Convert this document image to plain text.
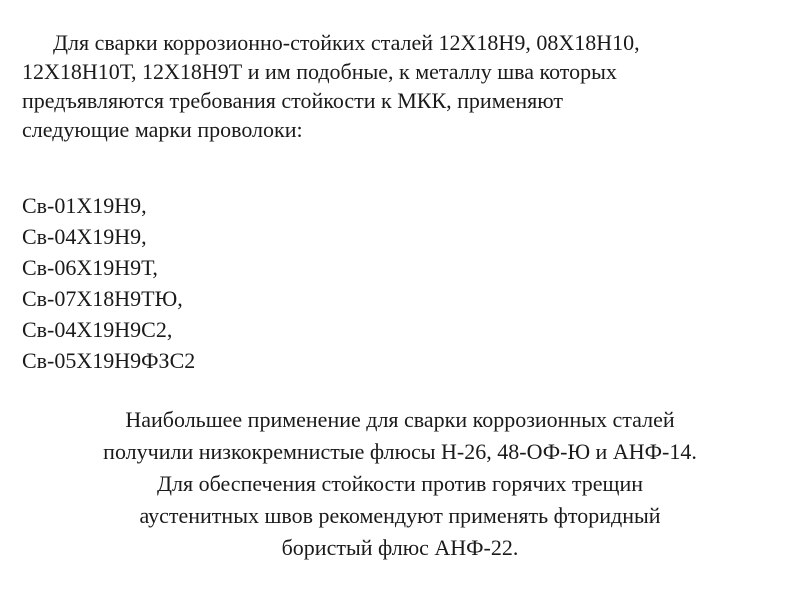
Для сварки коррозионно-стойких сталей 12Х18Н9, 08Х18Н10,
12Х18Н10Т, 12Х18Н9Т и им подобные, к металлу шва которых
предъявляются требования стойкости к МКК, применяют
следующие марки проволоки:

Св-01Х19Н9,
Св-04Х19Н9,
Св-06Х19Н9Т,
Св-07Х18Н9ТЮ,
Св-04Х19Н9С2,
Св-05Х19Н9ФЗС2

Наибольшее применение для сварки коррозионных сталей
получили низкокремнистые флюсы Н-26, 48-ОФ-Ю и АНФ-14.
Для обеспечения стойкости против горячих трещин
аустенитных швов рекомендуют применять фторидный
бористый флюс АНФ-22.
